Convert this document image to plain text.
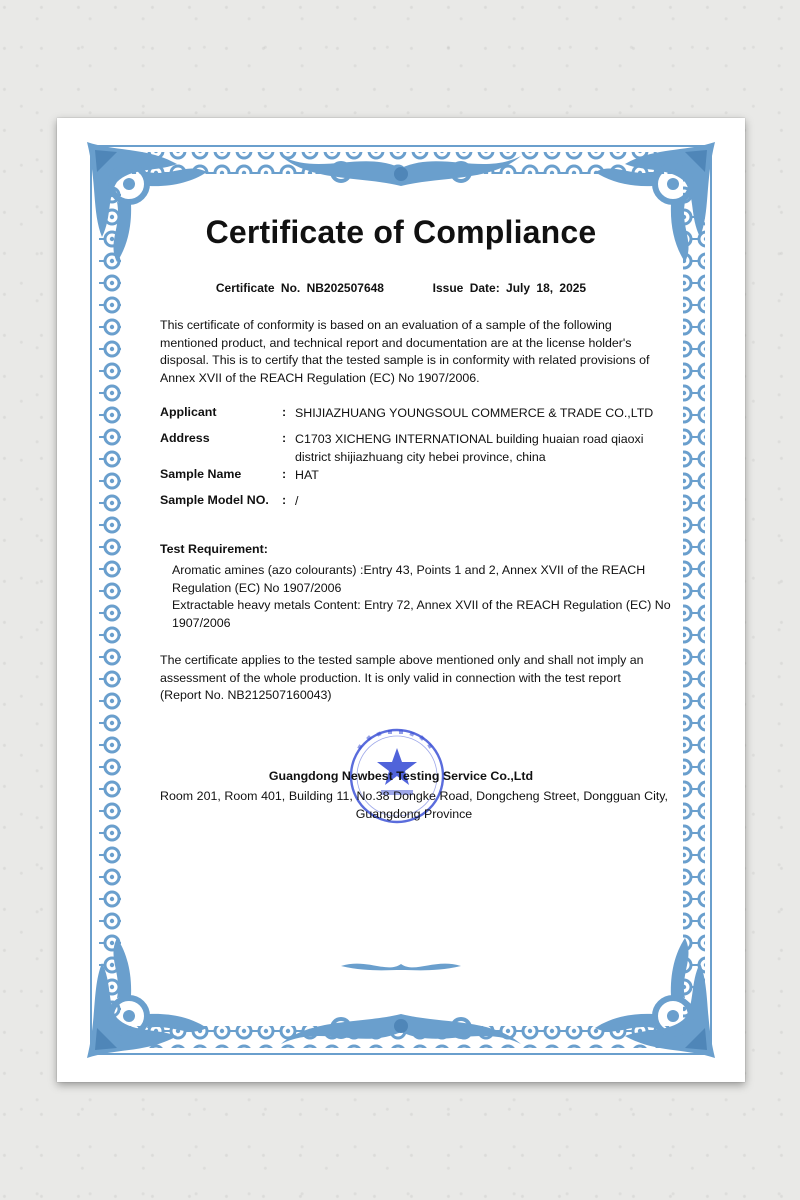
Certificate of Compliance
Certificate No. NB202507648	Issue Date: July 18, 2025
This certificate of conformity is based on an evaluation of a sample of the following mentioned product, and technical report and documentation are at the license holder's disposal. This is to certify that the tested sample is in conformity with related provisions of Annex XVII of the REACH Regulation (EC) No 1907/2006.
Applicant	: SHIJIAZHUANG YOUNGSOUL COMMERCE & TRADE CO.,LTD
Address	: C1703 XICHENG INTERNATIONAL building huaian road qiaoxi district shijiazhuang city hebei province, china
Sample Name	: HAT
Sample Model NO. : /
Test Requirement:
Aromatic amines (azo colourants) :Entry 43, Points 1 and 2, Annex XVII of the REACH Regulation (EC) No 1907/2006
Extractable heavy metals Content: Entry 72, Annex XVII of the REACH Regulation (EC) No 1907/2006
The certificate applies to the tested sample above mentioned only and shall not imply an assessment of the whole production. It is only valid in connection with the test report (Report No. NB212507160043)
Guangdong Newbest Testing Service Co.,Ltd
Room 201, Room 401, Building 11, No.38 Dongke Road, Dongcheng Street, Dongguan City, Guangdong Province
